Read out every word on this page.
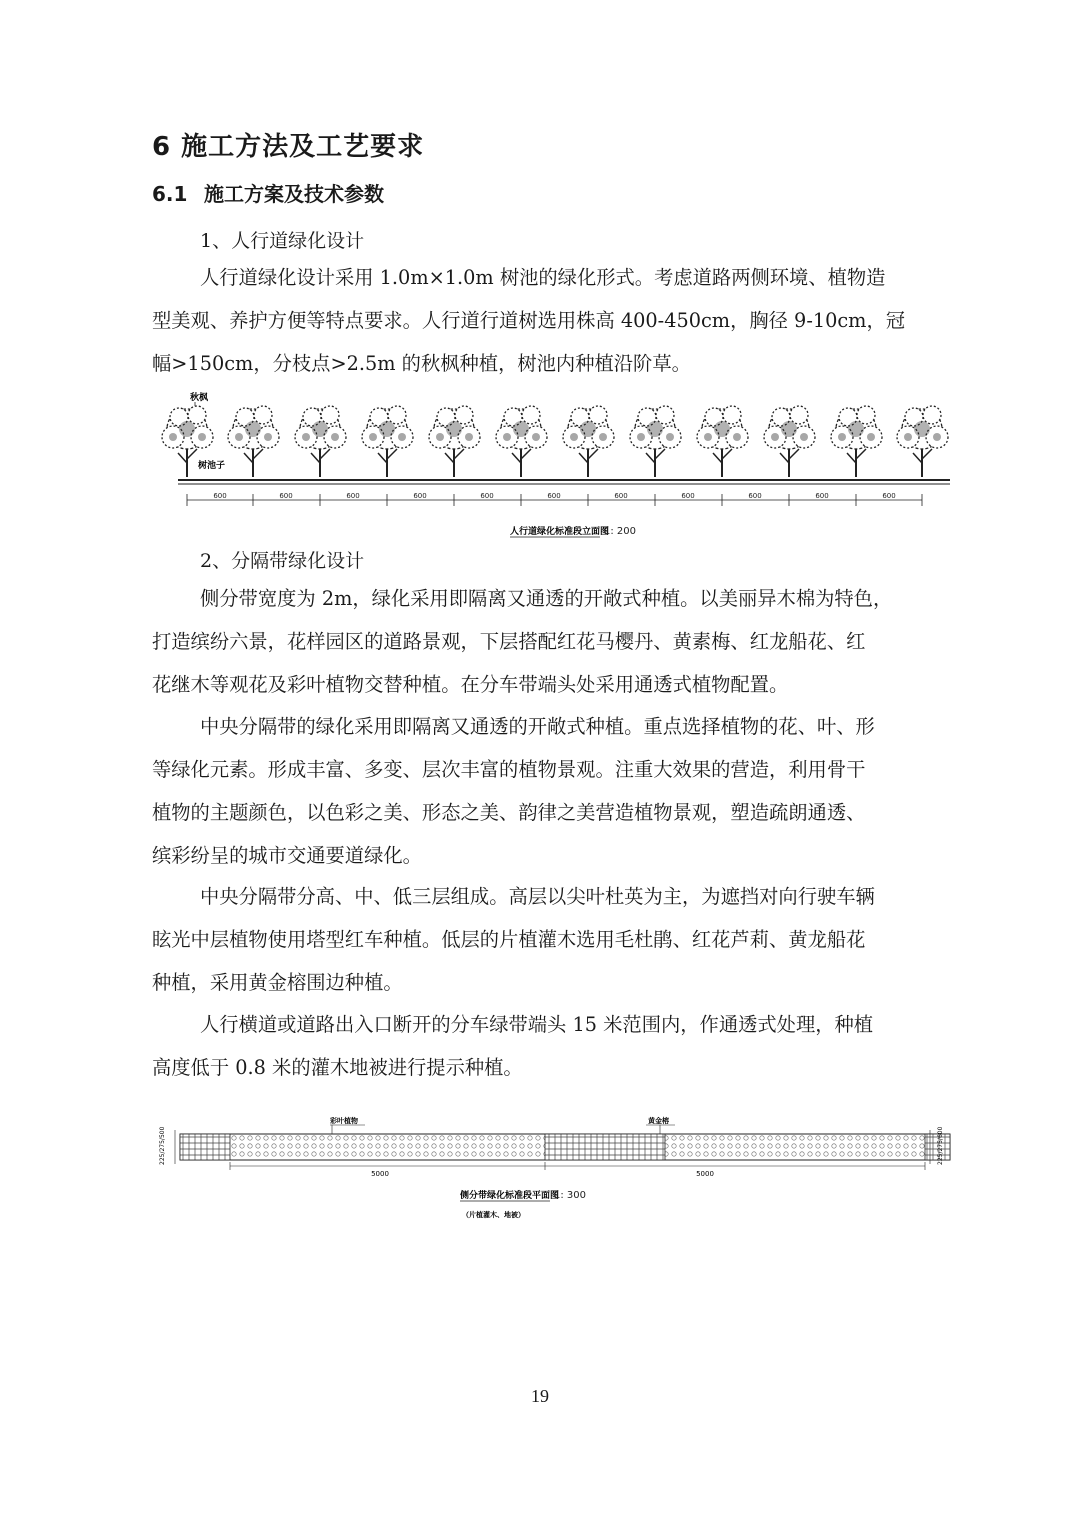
6 施工方法及工艺要求
6.1 施工方案及技术参数
1、人行道绿化设计
人行道绿化设计采用 1.0m×1.0m 树池的绿化形式。考虑道路两侧环境、植物造
型美观、养护方便等特点要求。人行道行道树选用株高 400-450cm，胸径 9-10cm，冠
幅>150cm，分枝点>2.5m 的秋枫种植，树池内种植沿阶草。
秋枫
树池子
600	600	600	600	600	600	600	600	600	600	600
人行道绿化标准段立面图
1: 200
2、分隔带绿化设计
侧分带宽度为 2m，绿化采用即隔离又通透的开敞式种植。以美丽异木棉为特色，
打造缤纷六景，花样园区的道路景观，下层搭配红花马樱丹、黄素梅、红龙船花、红
花继木等观花及彩叶植物交替种植。在分车带端头处采用通透式植物配置。
中央分隔带的绿化采用即隔离又通透的开敞式种植。重点选择植物的花、叶、形
等绿化元素。形成丰富、多变、层次丰富的植物景观。注重大效果的营造，利用骨干
植物的主题颜色，以色彩之美、形态之美、韵律之美营造植物景观，塑造疏朗通透、
缤彩纷呈的城市交通要道绿化。
中央分隔带分高、中、低三层组成。高层以尖叶杜英为主，为遮挡对向行驶车辆
眩光中层植物使用塔型红车种植。低层的片植灌木选用毛杜鹃、红花芦莉、黄龙船花
种植，采用黄金榕围边种植。
人行横道或道路出入口断开的分车绿带端头 15 米范围内，作通透式处理，种植
高度低于 0.8 米的灌木地被进行提示种植。
彩叶植物	黄金榕
225/275/500	225/275/600
5000	5000
侧分带绿化标准段平面图
1: 300
（片植灌木、地被）
19
